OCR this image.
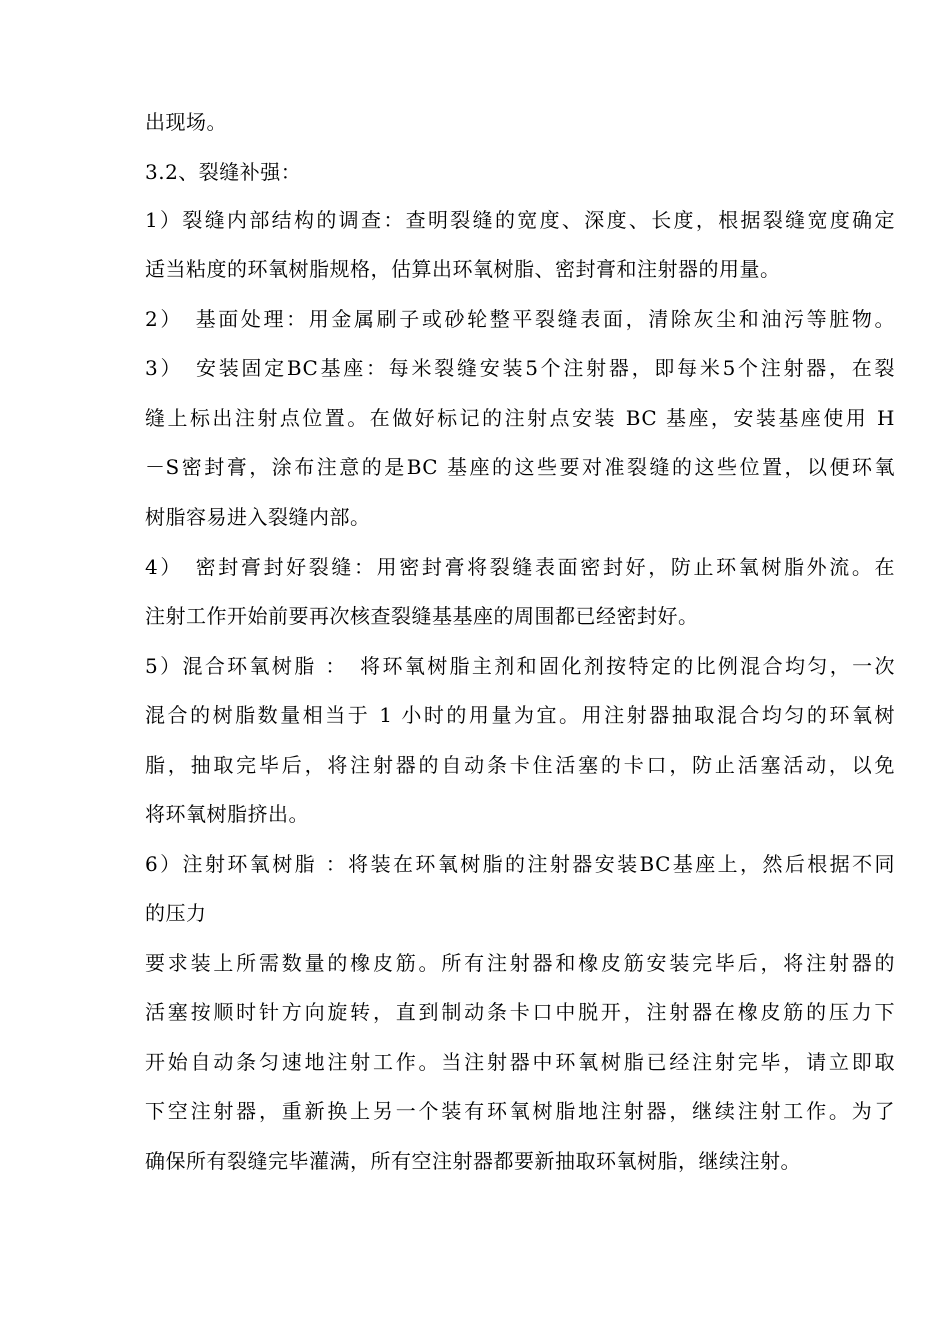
出现场。
3.2、裂缝补强：
1）裂缝内部结构的调查：查明裂缝的宽度、深度、长度，根据裂缝宽度确定
适当粘度的环氧树脂规格，估算出环氧树脂、密封膏和注射器的用量。
2）　基面处理：用金属刷子或砂轮整平裂缝表面，清除灰尘和油污等脏物。
3）　安装固定BC基座：每米裂缝安装5个注射器，即每米5个注射器，在裂
缝上标出注射点位置。在做好标记的注射点安装 BC 基座，安装基座使用 H
－S密封膏，涂布注意的是BC 基座的这些要对准裂缝的这些位置，以便环氧
树脂容易进入裂缝内部。
4）　密封膏封好裂缝：用密封膏将裂缝表面密封好，防止环氧树脂外流。在
注射工作开始前要再次核查裂缝基基座的周围都已经密封好。
5）混合环氧树脂 ：　将环氧树脂主剂和固化剂按特定的比例混合均匀，一次
混合的树脂数量相当于 1 小时的用量为宜。用注射器抽取混合均匀的环氧树
脂，抽取完毕后，将注射器的自动条卡住活塞的卡口，防止活塞活动，以免
将环氧树脂挤出。
6）注射环氧树脂 ：将装在环氧树脂的注射器安装BC基座上，然后根据不同
的压力
要求装上所需数量的橡皮筋。所有注射器和橡皮筋安装完毕后，将注射器的
活塞按顺时针方向旋转，直到制动条卡口中脱开，注射器在橡皮筋的压力下
开始自动条匀速地注射工作。当注射器中环氧树脂已经注射完毕，请立即取
下空注射器，重新换上另一个装有环氧树脂地注射器，继续注射工作。为了
确保所有裂缝完毕灌满，所有空注射器都要新抽取环氧树脂，继续注射。
